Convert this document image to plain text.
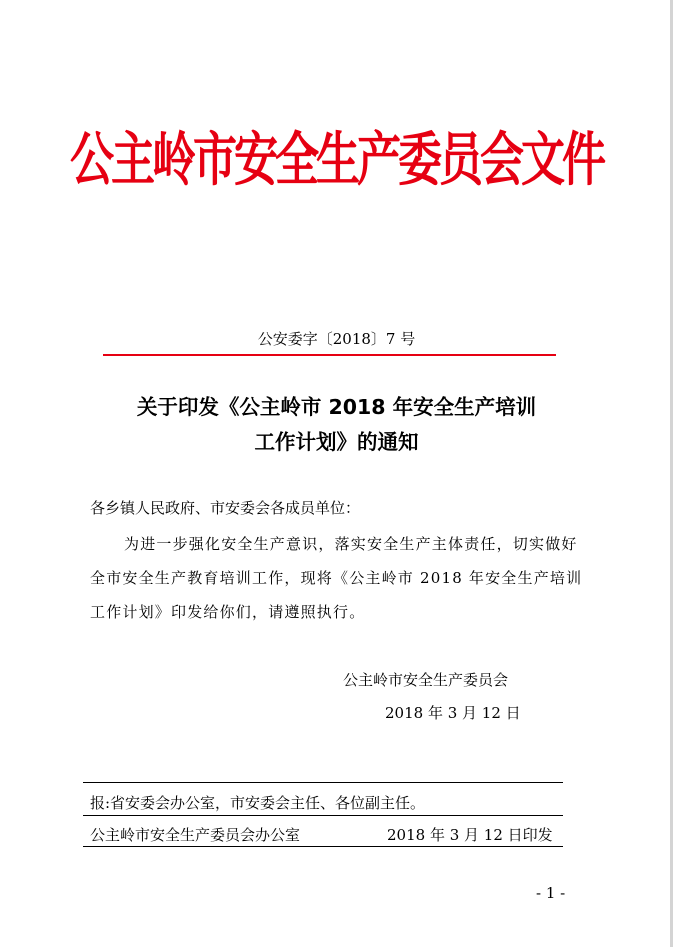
公主岭市安全生产委员会文件
公安委字〔2018〕7 号
关于印发《公主岭市 2018 年安全生产培训
工作计划》的通知
各乡镇人民政府、市安委会各成员单位：
为进一步强化安全生产意识，落实安全生产主体责任，切实做好全市安全生产教育培训工作，现将《公主岭市 2018 年安全生产培训工作计划》印发给你们，请遵照执行。
公主岭市安全生产委员会
2018 年 3 月 12 日
报:省安委会办公室，市安委会主任、各位副主任。
公主岭市安全生产委员会办公室	2018 年 3 月 12 日印发
- 1 -
